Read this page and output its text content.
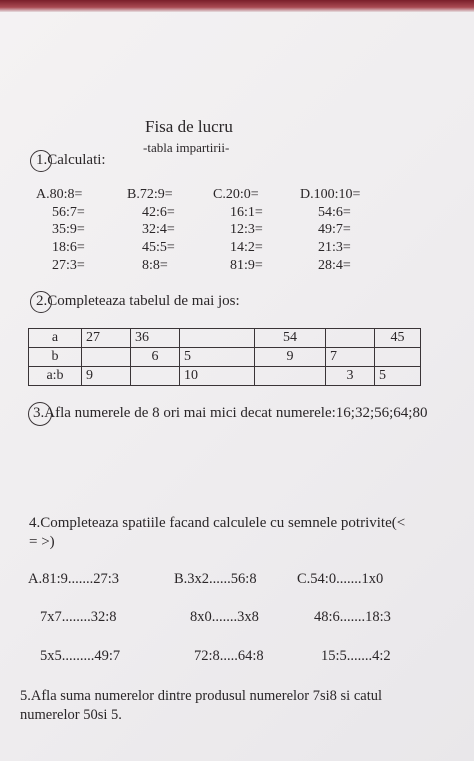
Fisa de lucru
-tabla impartirii-
1.Calculati:
A.80:8=
56:7=
35:9=
18:6=
27:3=
B.72:9=
42:6=
32:4=
45:5=
8:8=
C.20:0=
16:1=
12:3=
14:2=
81:9=
D.100:10=
54:6=
49:7=
21:3=
28:4=
2.Completeaza tabelul de mai jos:
a	27	36		54		45
b		6	5	9	7	
a:b	9		10		3	5
3.Afla numerele de 8 ori mai mici decat numerele:16;32;56;64;80
4.Completeaza spatiile facand calculele cu semnele potrivite(<
= >)
A.81:9.......27:3	B.3x2......56:8	C.54:0.......1x0
7x7........32:8	8x0.......3x8	48:6.......18:3
5x5.........49:7	72:8.....64:8	15:5.......4:2
5.Afla suma numerelor dintre produsul numerelor 7si8 si catul
numerelor 50si 5.
